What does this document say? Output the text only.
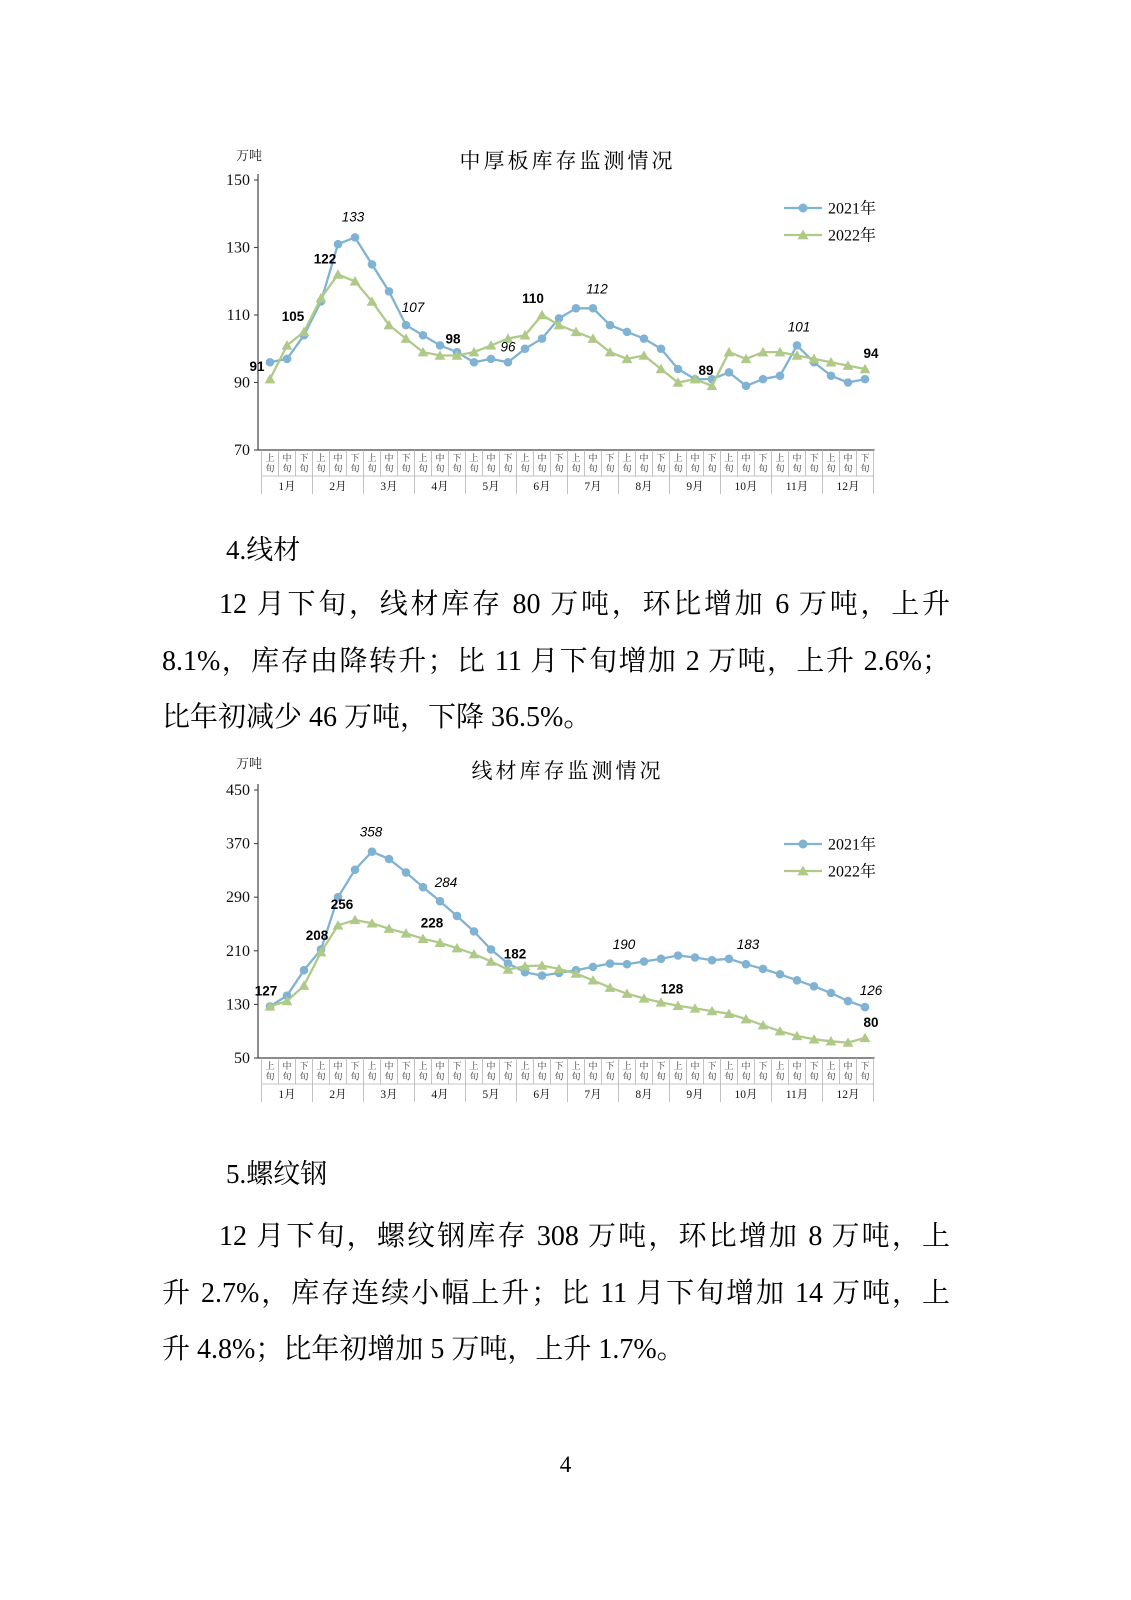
中厚板库存监测情况
万吨
150
130
110
90
70 上旬
中旬
下旬
上旬
中旬
下旬
上旬
中旬
下旬
上旬
中旬
下旬
上旬
中旬
下旬
上旬
中旬
下旬
上旬
中旬
下旬
上旬
中旬
下旬
上旬
中旬
下旬
上旬
中旬
下旬
上旬
中旬
下旬
上旬
中旬
下旬
1月	2月	3月	4月	5月	6月	7月	8月	9月	10月 11月 12月
133
107
96
112
101
91
105
122
98
110
89
94
2021年
2022年
4.线材
12 月下旬，线材库存 80 万吨，环比增加 6 万吨，上升
8.1%，库存由降转升；比 11 月下旬增加 2 万吨，上升 2.6%；
比年初减少 46 万吨，下降 36.5%。
线材库存监测情况
万吨
450
370
290
210
130
50 上旬
中旬
下旬
上旬
中旬
下旬
上旬
中旬
下旬
上旬
中旬
下旬
上旬
中旬
下旬
上旬
中旬
下旬
上旬
中旬
下旬
上旬
中旬
下旬
上旬
中旬
下旬
上旬
中旬
下旬
上旬
中旬
下旬
上旬
中旬
下旬
1月	2月	3月	4月	5月	6月	7月	8月	9月	10月 11月 12月
358
284
190	183
126
127
208
256
228
182
128
80
2021年
2022年
5.螺纹钢
12 月下旬，螺纹钢库存 308 万吨，环比增加 8 万吨，上
升 2.7%，库存连续小幅上升；比 11 月下旬增加 14 万吨，上
升 4.8%；比年初增加 5 万吨，上升 1.7%。
4
